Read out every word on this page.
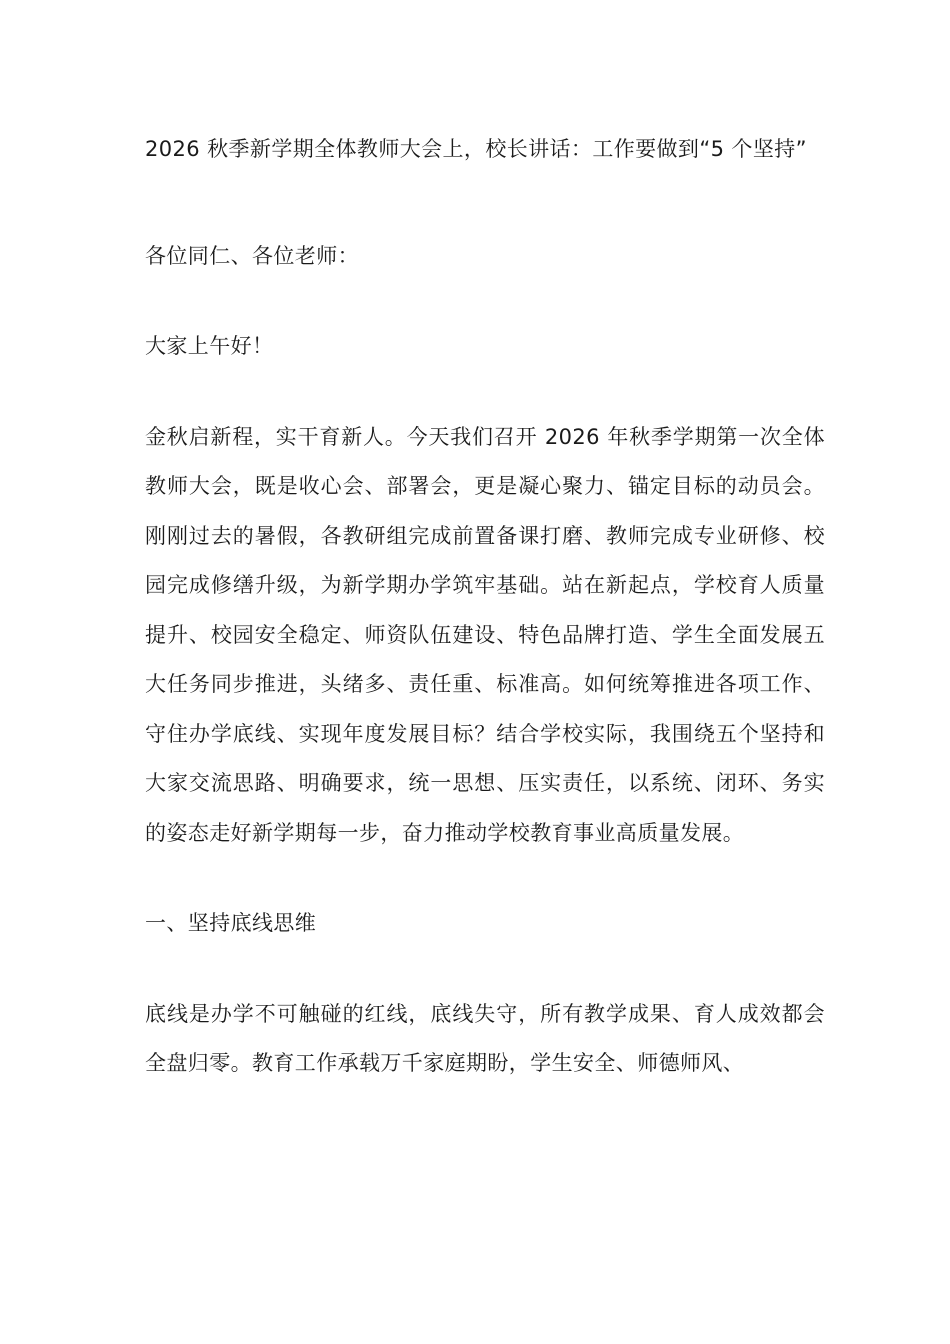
2026 秋季新学期全体教师大会上，校长讲话：工作要做到“5 个坚持”

各位同仁、各位老师：

大家上午好！

金秋启新程，实干育新人。今天我们召开 2026 年秋季学期第一次全体教师大会，既是收心会、部署会，更是凝心聚力、锚定目标的动员会。刚刚过去的暑假，各教研组完成前置备课打磨、教师完成专业研修、校园完成修缮升级，为新学期办学筑牢基础。站在新起点，学校育人质量提升、校园安全稳定、师资队伍建设、特色品牌打造、学生全面发展五大任务同步推进，头绪多、责任重、标准高。如何统筹推进各项工作、守住办学底线、实现年度发展目标？结合学校实际，我围绕五个坚持和大家交流思路、明确要求，统一思想、压实责任，以系统、闭环、务实的姿态走好新学期每一步，奋力推动学校教育事业高质量发展。

一、坚持底线思维

底线是办学不可触碰的红线，底线失守，所有教学成果、育人成效都会全盘归零。教育工作承载万千家庭期盼，学生安全、师德师风、
